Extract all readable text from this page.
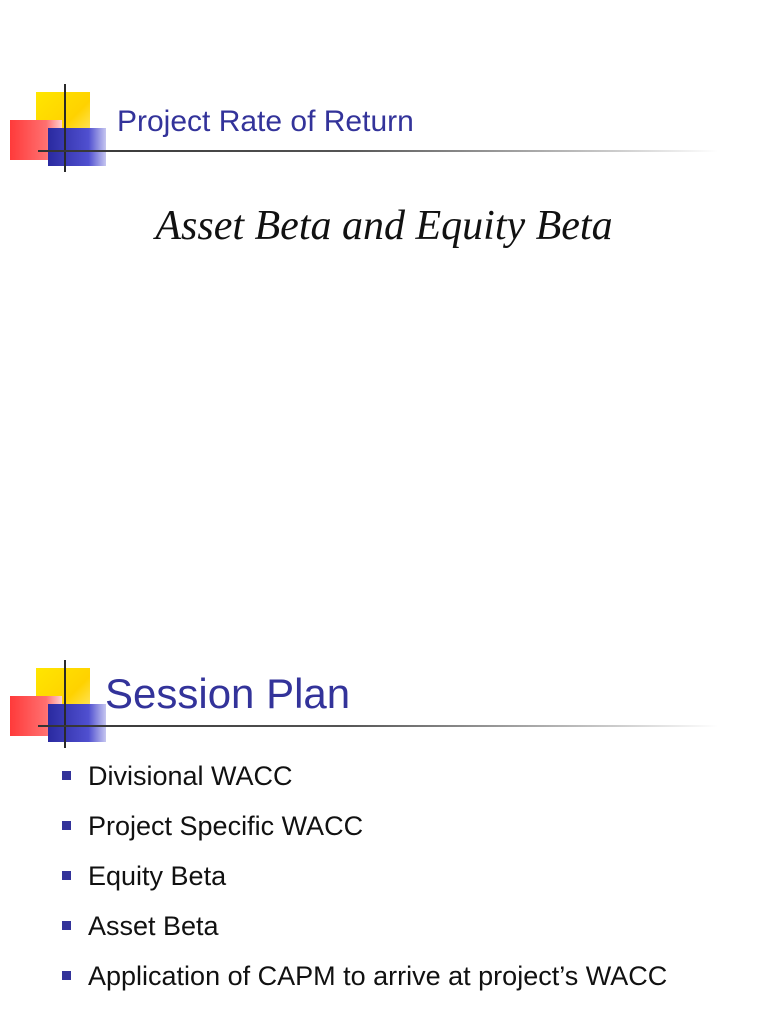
Project Rate of Return
Asset Beta and Equity Beta
Session Plan
Divisional WACC
Project Specific WACC
Equity Beta
Asset Beta
Application of CAPM to arrive at project’s WACC
